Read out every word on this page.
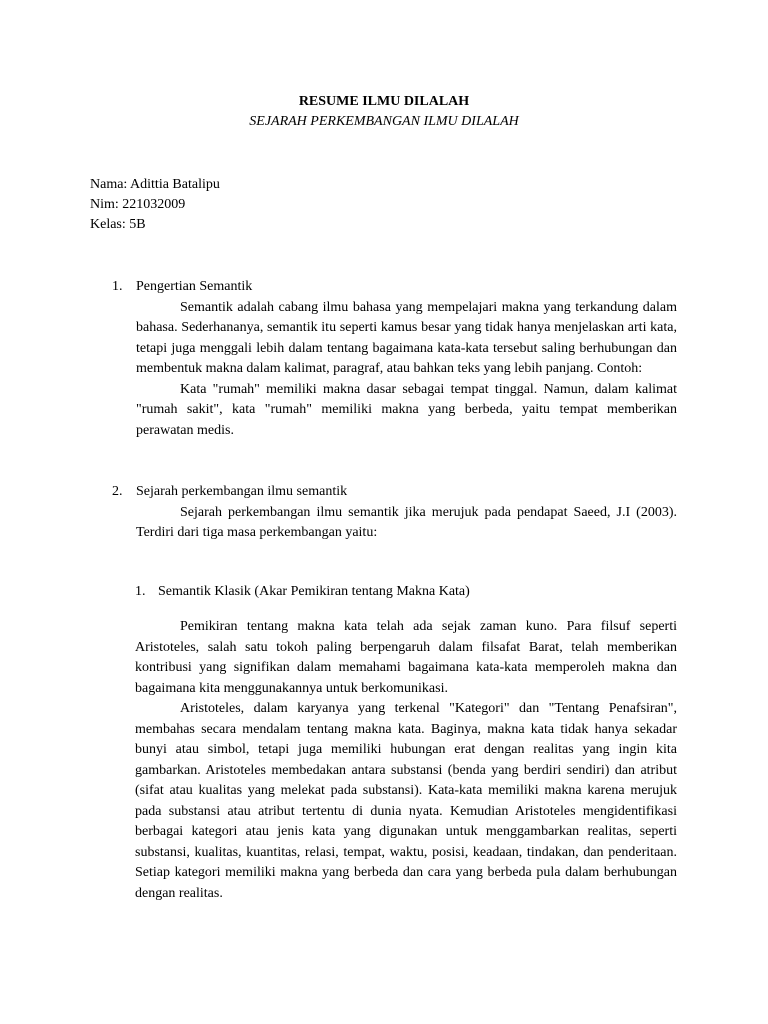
RESUME ILMU DILALAH
SEJARAH PERKEMBANGAN ILMU DILALAH
Nama: Adittia Batalipu
Nim: 221032009
Kelas: 5B
1. Pengertian Semantik

Semantik adalah cabang ilmu bahasa yang mempelajari makna yang terkandung dalam bahasa. Sederhananya, semantik itu seperti kamus besar yang tidak hanya menjelaskan arti kata, tetapi juga menggali lebih dalam tentang bagaimana kata-kata tersebut saling berhubungan dan membentuk makna dalam kalimat, paragraf, atau bahkan teks yang lebih panjang. Contoh:

Kata "rumah" memiliki makna dasar sebagai tempat tinggal. Namun, dalam kalimat "rumah sakit", kata "rumah" memiliki makna yang berbeda, yaitu tempat memberikan perawatan medis.

2. Sejarah perkembangan ilmu semantik

Sejarah perkembangan ilmu semantik jika merujuk pada pendapat Saeed, J.I (2003). Terdiri dari tiga masa perkembangan yaitu:

1. Semantik Klasik (Akar Pemikiran tentang Makna Kata)

Pemikiran tentang makna kata telah ada sejak zaman kuno. Para filsuf seperti Aristoteles, salah satu tokoh paling berpengaruh dalam filsafat Barat, telah memberikan kontribusi yang signifikan dalam memahami bagaimana kata-kata memperoleh makna dan bagaimana kita menggunakannya untuk berkomunikasi.

Aristoteles, dalam karyanya yang terkenal "Kategori" dan "Tentang Penafsiran", membahas secara mendalam tentang makna kata. Baginya, makna kata tidak hanya sekadar bunyi atau simbol, tetapi juga memiliki hubungan erat dengan realitas yang ingin kita gambarkan. Aristoteles membedakan antara substansi (benda yang berdiri sendiri) dan atribut (sifat atau kualitas yang melekat pada substansi). Kata-kata memiliki makna karena merujuk pada substansi atau atribut tertentu di dunia nyata. Kemudian Aristoteles mengidentifikasi berbagai kategori atau jenis kata yang digunakan untuk menggambarkan realitas, seperti substansi, kualitas, kuantitas, relasi, tempat, waktu, posisi, keadaan, tindakan, dan penderitaan. Setiap kategori memiliki makna yang berbeda dan cara yang berbeda pula dalam berhubungan dengan realitas.
